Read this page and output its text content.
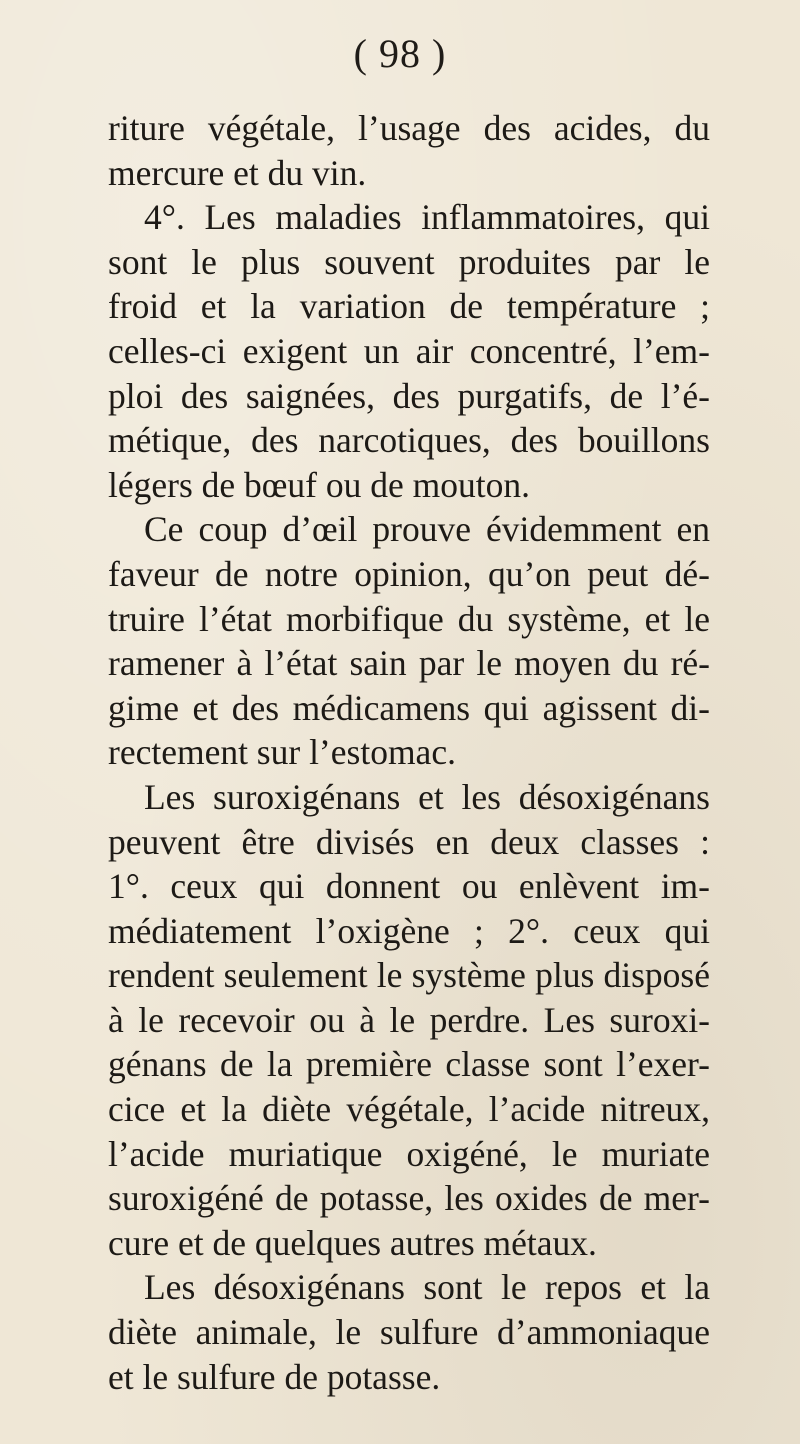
( 98 )
riture végétale, l’usage des acides, du
mercure et du vin.
4°. Les maladies inflammatoires, qui
sont le plus souvent produites par le
froid et la variation de température ;
celles-ci exigent un air concentré, l’em-
ploi des saignées, des purgatifs, de l’é-
métique, des narcotiques, des bouillons
légers de bœuf ou de mouton.
Ce coup d’œil prouve évidemment en
faveur de notre opinion, qu’on peut dé-
truire l’état morbifique du système, et le
ramener à l’état sain par le moyen du ré-
gime et des médicamens qui agissent di-
rectement sur l’estomac.
Les suroxigénans et les désoxigénans
peuvent être divisés en deux classes :
1°. ceux qui donnent ou enlèvent im-
médiatement l’oxigène ; 2°. ceux qui
rendent seulement le système plus disposé
à le recevoir ou à le perdre. Les suroxi-
génans de la première classe sont l’exer-
cice et la diète végétale, l’acide nitreux,
l’acide muriatique oxigéné, le muriate
suroxigéné de potasse, les oxides de mer-
cure et de quelques autres métaux.
Les désoxigénans sont le repos et la
diète animale, le sulfure d’ammoniaque
et le sulfure de potasse.
